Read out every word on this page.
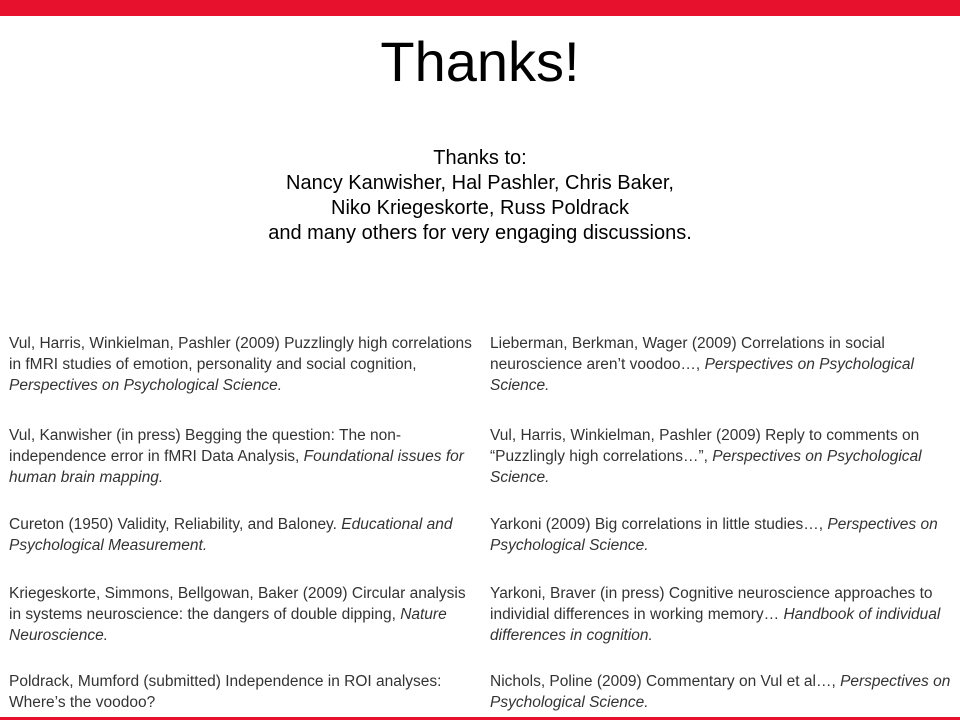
Thanks!
Thanks to:
Nancy Kanwisher, Hal Pashler, Chris Baker,
Niko Kriegeskorte, Russ Poldrack
and many others for very engaging discussions.
Vul, Harris, Winkielman, Pashler (2009) Puzzlingly high correlations in fMRI studies of emotion, personality and social cognition, Perspectives on Psychological Science.
Vul, Kanwisher (in press) Begging the question: The non-independence error in fMRI Data Analysis, Foundational issues for human brain mapping.
Cureton (1950) Validity, Reliability, and Baloney. Educational and Psychological Measurement.
Kriegeskorte, Simmons, Bellgowan, Baker (2009) Circular analysis in systems neuroscience: the dangers of double dipping, Nature Neuroscience.
Poldrack, Mumford (submitted) Independence in ROI analyses: Where’s the voodoo?
Lieberman, Berkman, Wager (2009) Correlations in social neuroscience aren’t voodoo…, Perspectives on Psychological Science.
Vul, Harris, Winkielman, Pashler (2009) Reply to comments on “Puzzlingly high correlations…”, Perspectives on Psychological Science.
Yarkoni (2009) Big correlations in little studies…, Perspectives on Psychological Science.
Yarkoni, Braver (in press) Cognitive neuroscience approaches to individial differences in working memory… Handbook of individual differences in cognition.
Nichols, Poline (2009) Commentary on Vul et al…, Perspectives on Psychological Science.
